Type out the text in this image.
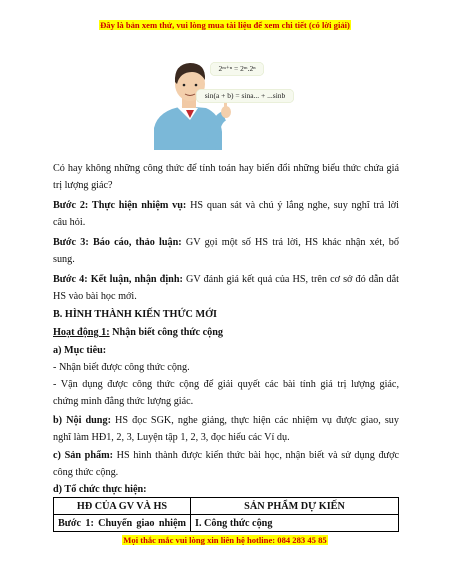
Đây là bản xem thử, vui lòng mua tài liệu để xem chi tiết (có lời giải)
2ᵐ⁺ⁿ = 2ᵐ.2ⁿ
sin(a + b) = sina... + ...sinb
Có hay không những công thức để tính toán hay biến đổi những biểu thức chứa giá
trị lượng giác?
Bước 2: Thực hiện nhiệm vụ: HS quan sát và chú ý lắng nghe, suy nghĩ trả lời
câu hỏi.
Bước 3: Báo cáo, thảo luận: GV gọi một số HS trả lời, HS khác nhận xét, bổ
sung.
Bước 4: Kết luận, nhận định: GV đánh giá kết quả của HS, trên cơ sở đó dẫn dắt
HS vào bài học mới.
B. HÌNH THÀNH KIẾN THỨC MỚI
Hoạt động 1: Nhận biết công thức cộng
a) Mục tiêu:
- Nhận biết được công thức cộng.
- Vận dụng được công thức cộng để giải quyết các bài tính giá trị lượng giác,
chứng minh đẳng thức lượng giác.
b) Nội dung: HS đọc SGK, nghe giảng, thực hiện các nhiệm vụ được giao, suy
nghĩ làm HĐ1, 2, 3, Luyện tập 1, 2, 3, đọc hiểu các Ví dụ.
c) Sản phẩm: HS hình thành được kiến thức bài học, nhận biết và sử dụng được
công thức cộng.
d) Tổ chức thực hiện:
HĐ CỦA GV VÀ HS	SẢN PHẨM DỰ KIẾN
Bước 1: Chuyển giao nhiệm	I. Công thức cộng
Mọi thắc mắc vui lòng xin liên hệ hotline: 084 283 45 85
